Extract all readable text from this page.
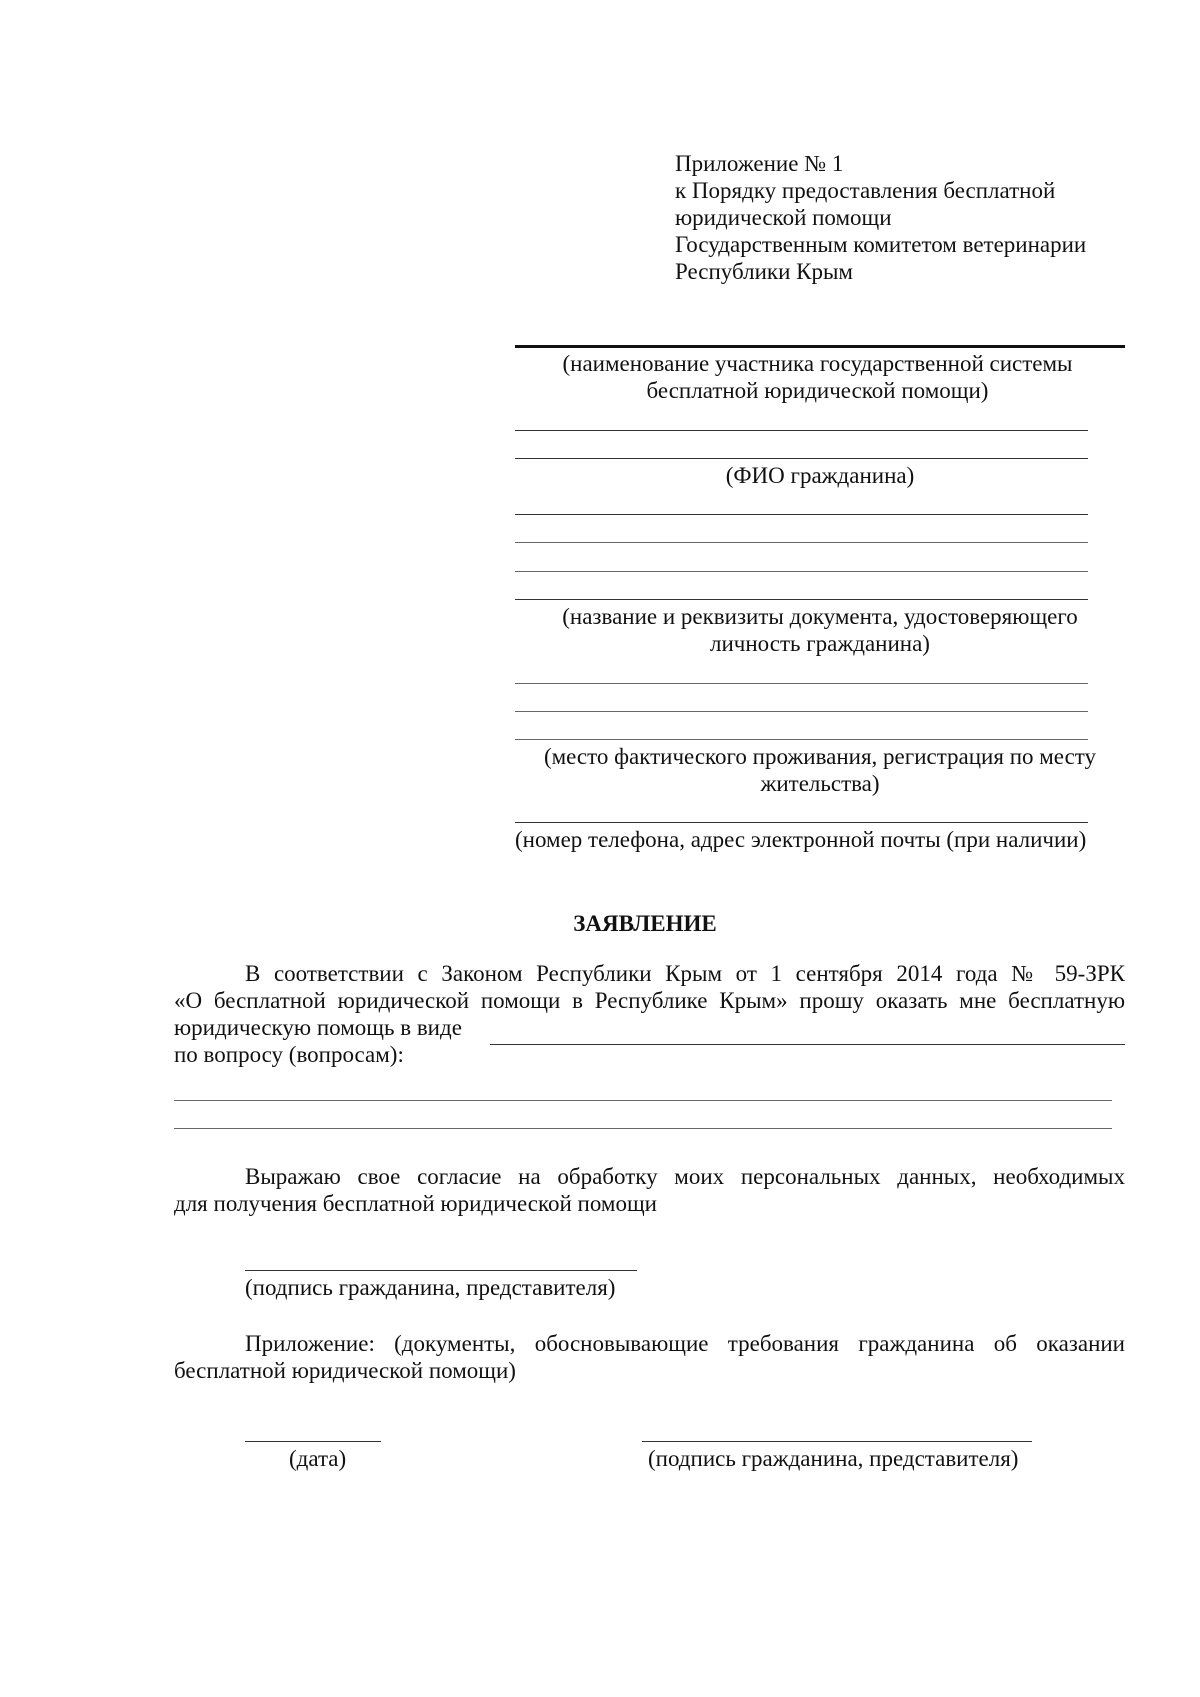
Приложение № 1
к Порядку предоставления бесплатной
юридической помощи
Государственным комитетом ветеринарии
Республики Крым
(наименование участника государственной системы
бесплатной юридической помощи)
(ФИО гражданина)
(название и реквизиты документа, удостоверяющего
личность гражданина)
(место фактического проживания, регистрация по месту
жительства)
(номер телефона, адрес электронной почты (при наличии)
ЗАЯВЛЕНИЕ
В соответствии с Законом Республики Крым от 1 сентября 2014 года № 59-ЗРК
«О бесплатной юридической помощи в Республике Крым» прошу оказать мне бесплатную
юридическую помощь в виде
по вопросу (вопросам):
Выражаю свое согласие на обработку моих персональных данных, необходимых
для получения бесплатной юридической помощи
(подпись гражданина, представителя)
Приложение: (документы, обосновывающие требования гражданина об оказании
бесплатной юридической помощи)
(дата)	(подпись гражданина, представителя)
